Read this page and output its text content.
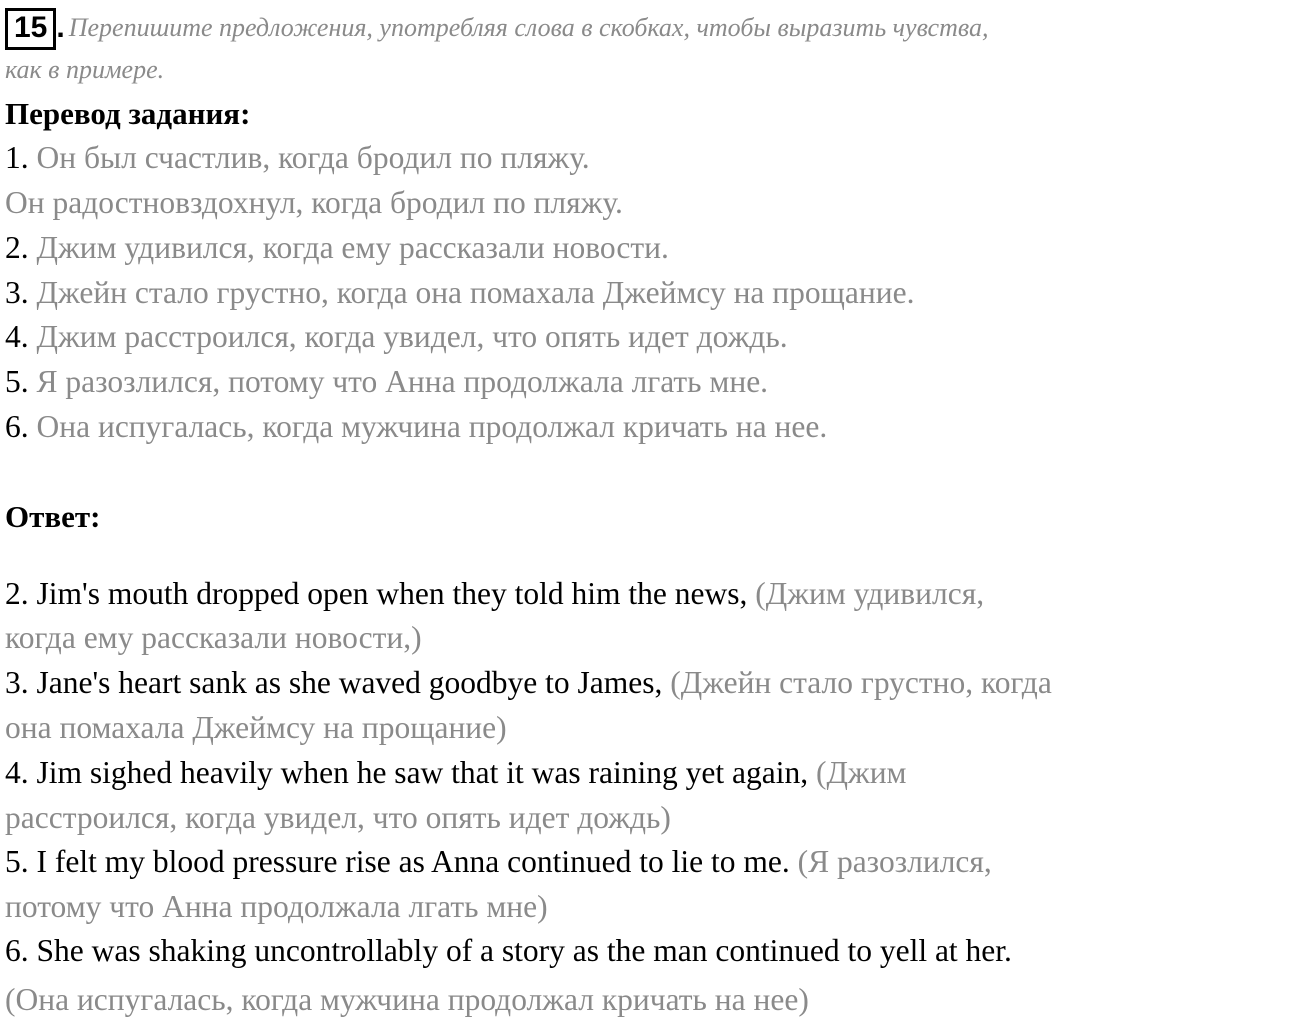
15 . Перепишите предложения, употребляя слова в скобках, чтобы выразить чувства,
как в примере.
Перевод задания:
1. Он был счастлив, когда бродил по пляжу.
Он радостновздохнул, когда бродил по пляжу.
2. Джим удивился, когда ему рассказали новости.
3. Джейн стало грустно, когда она помахала Джеймсу на прощание.
4. Джим расстроился, когда увидел, что опять идет дождь.
5. Я разозлился, потому что Анна продолжала лгать мне.
6. Она испугалась, когда мужчина продолжал кричать на нее.
Ответ:
2. Jim's mouth dropped open when they told him the news, (Джим удивился,
когда ему рассказали новости,)
3. Jane's heart sank as she waved goodbye to James, (Джейн стало грустно, когда
она помахала Джеймсу на прощание)
4. Jim sighed heavily when he saw that it was raining yet again, (Джим
расстроился, когда увидел, что опять идет дождь)
5. I felt my blood pressure rise as Anna continued to lie to me. (Я разозлился,
потому что Анна продолжала лгать мне)
6. She was shaking uncontrollably of a story as the man continued to yell at her.
(Она испугалась, когда мужчина продолжал кричать на нее)
